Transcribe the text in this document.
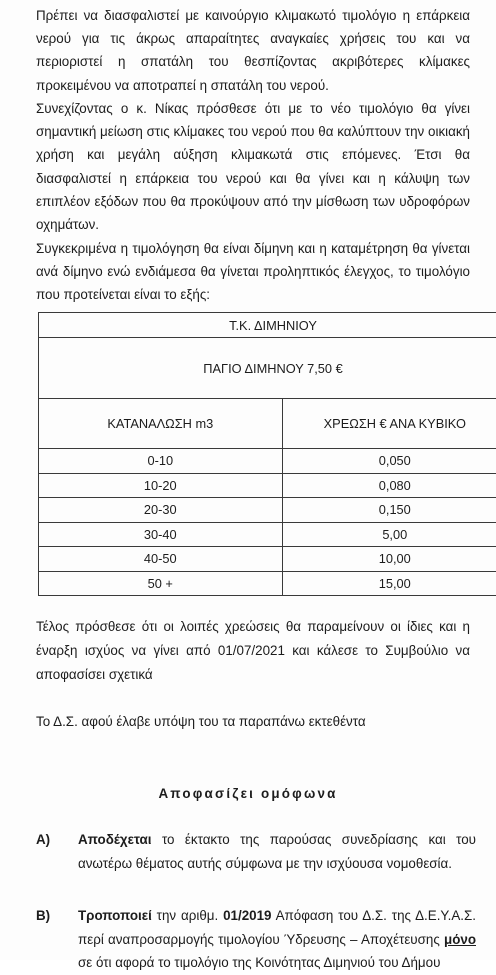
Πρέπει να διασφαλιστεί με καινούργιο κλιμακωτό τιμολόγιο η επάρκεια νερού για τις άκρως απαραίτητες αναγκαίες χρήσεις του και να περιοριστεί η σπατάλη του θεσπίζοντας ακριβότερες κλίμακες προκειμένου να αποτραπεί η σπατάλη του νερού.

Συνεχίζοντας ο κ. Νίκας πρόσθεσε ότι με το νέο τιμολόγιο θα γίνει σημαντική μείωση στις κλίμακες του νερού που θα καλύπτουν την οικιακή χρήση και μεγάλη αύξηση κλιμακωτά στις επόμενες. Έτσι θα διασφαλιστεί η επάρκεια του νερού και θα γίνει και η κάλυψη των επιπλέον εξόδων που θα προκύψουν από την μίσθωση των υδροφόρων οχημάτων.

Συγκεκριμένα η τιμολόγηση θα είναι δίμηνη και η καταμέτρηση θα γίνεται ανά δίμηνο ενώ ενδιάμεσα θα γίνεται προληπτικός έλεγχος, το τιμολόγιο που προτείνεται είναι το εξής:

Τ.Κ. ΔΙΜΗΝΙΟΥ	
ΠΑΓΙΟ ΔΙΜΗΝΟΥ 7,50 €	
ΚΑΤΑΝΑΛΩΣΗ m3	ΧΡΕΩΣΗ € ΑΝΑ ΚΥΒΙΚΟ
0-10	0,050
10-20	0,080
20-30	0,150
30-40	5,00
40-50	10,00
50 +	15,00

Τέλος πρόσθεσε ότι οι λοιπές χρεώσεις θα παραμείνουν οι ίδιες και η έναρξη ισχύος να γίνει από 01/07/2021 και κάλεσε το Συμβούλιο να αποφασίσει σχετικά

Το Δ.Σ. αφού έλαβε υπόψη του τα παραπάνω εκτεθέντα

Αποφασίζει ομόφωνα

Α) Αποδέχεται το έκτακτο της παρούσας συνεδρίασης και του ανωτέρω θέματος αυτής σύμφωνα με την ισχύουσα νομοθεσία.
Β) Τροποποιεί την αριθμ. 01/2019 Απόφαση του Δ.Σ. της Δ.Ε.Υ.Α.Σ. περί αναπροσαρμογής τιμολογίου Ύδρευσης – Αποχέτευσης μόνο σε ότι αφορά το τιμολόγιο της Κοινότητας Διμηνιού του Δήμου
